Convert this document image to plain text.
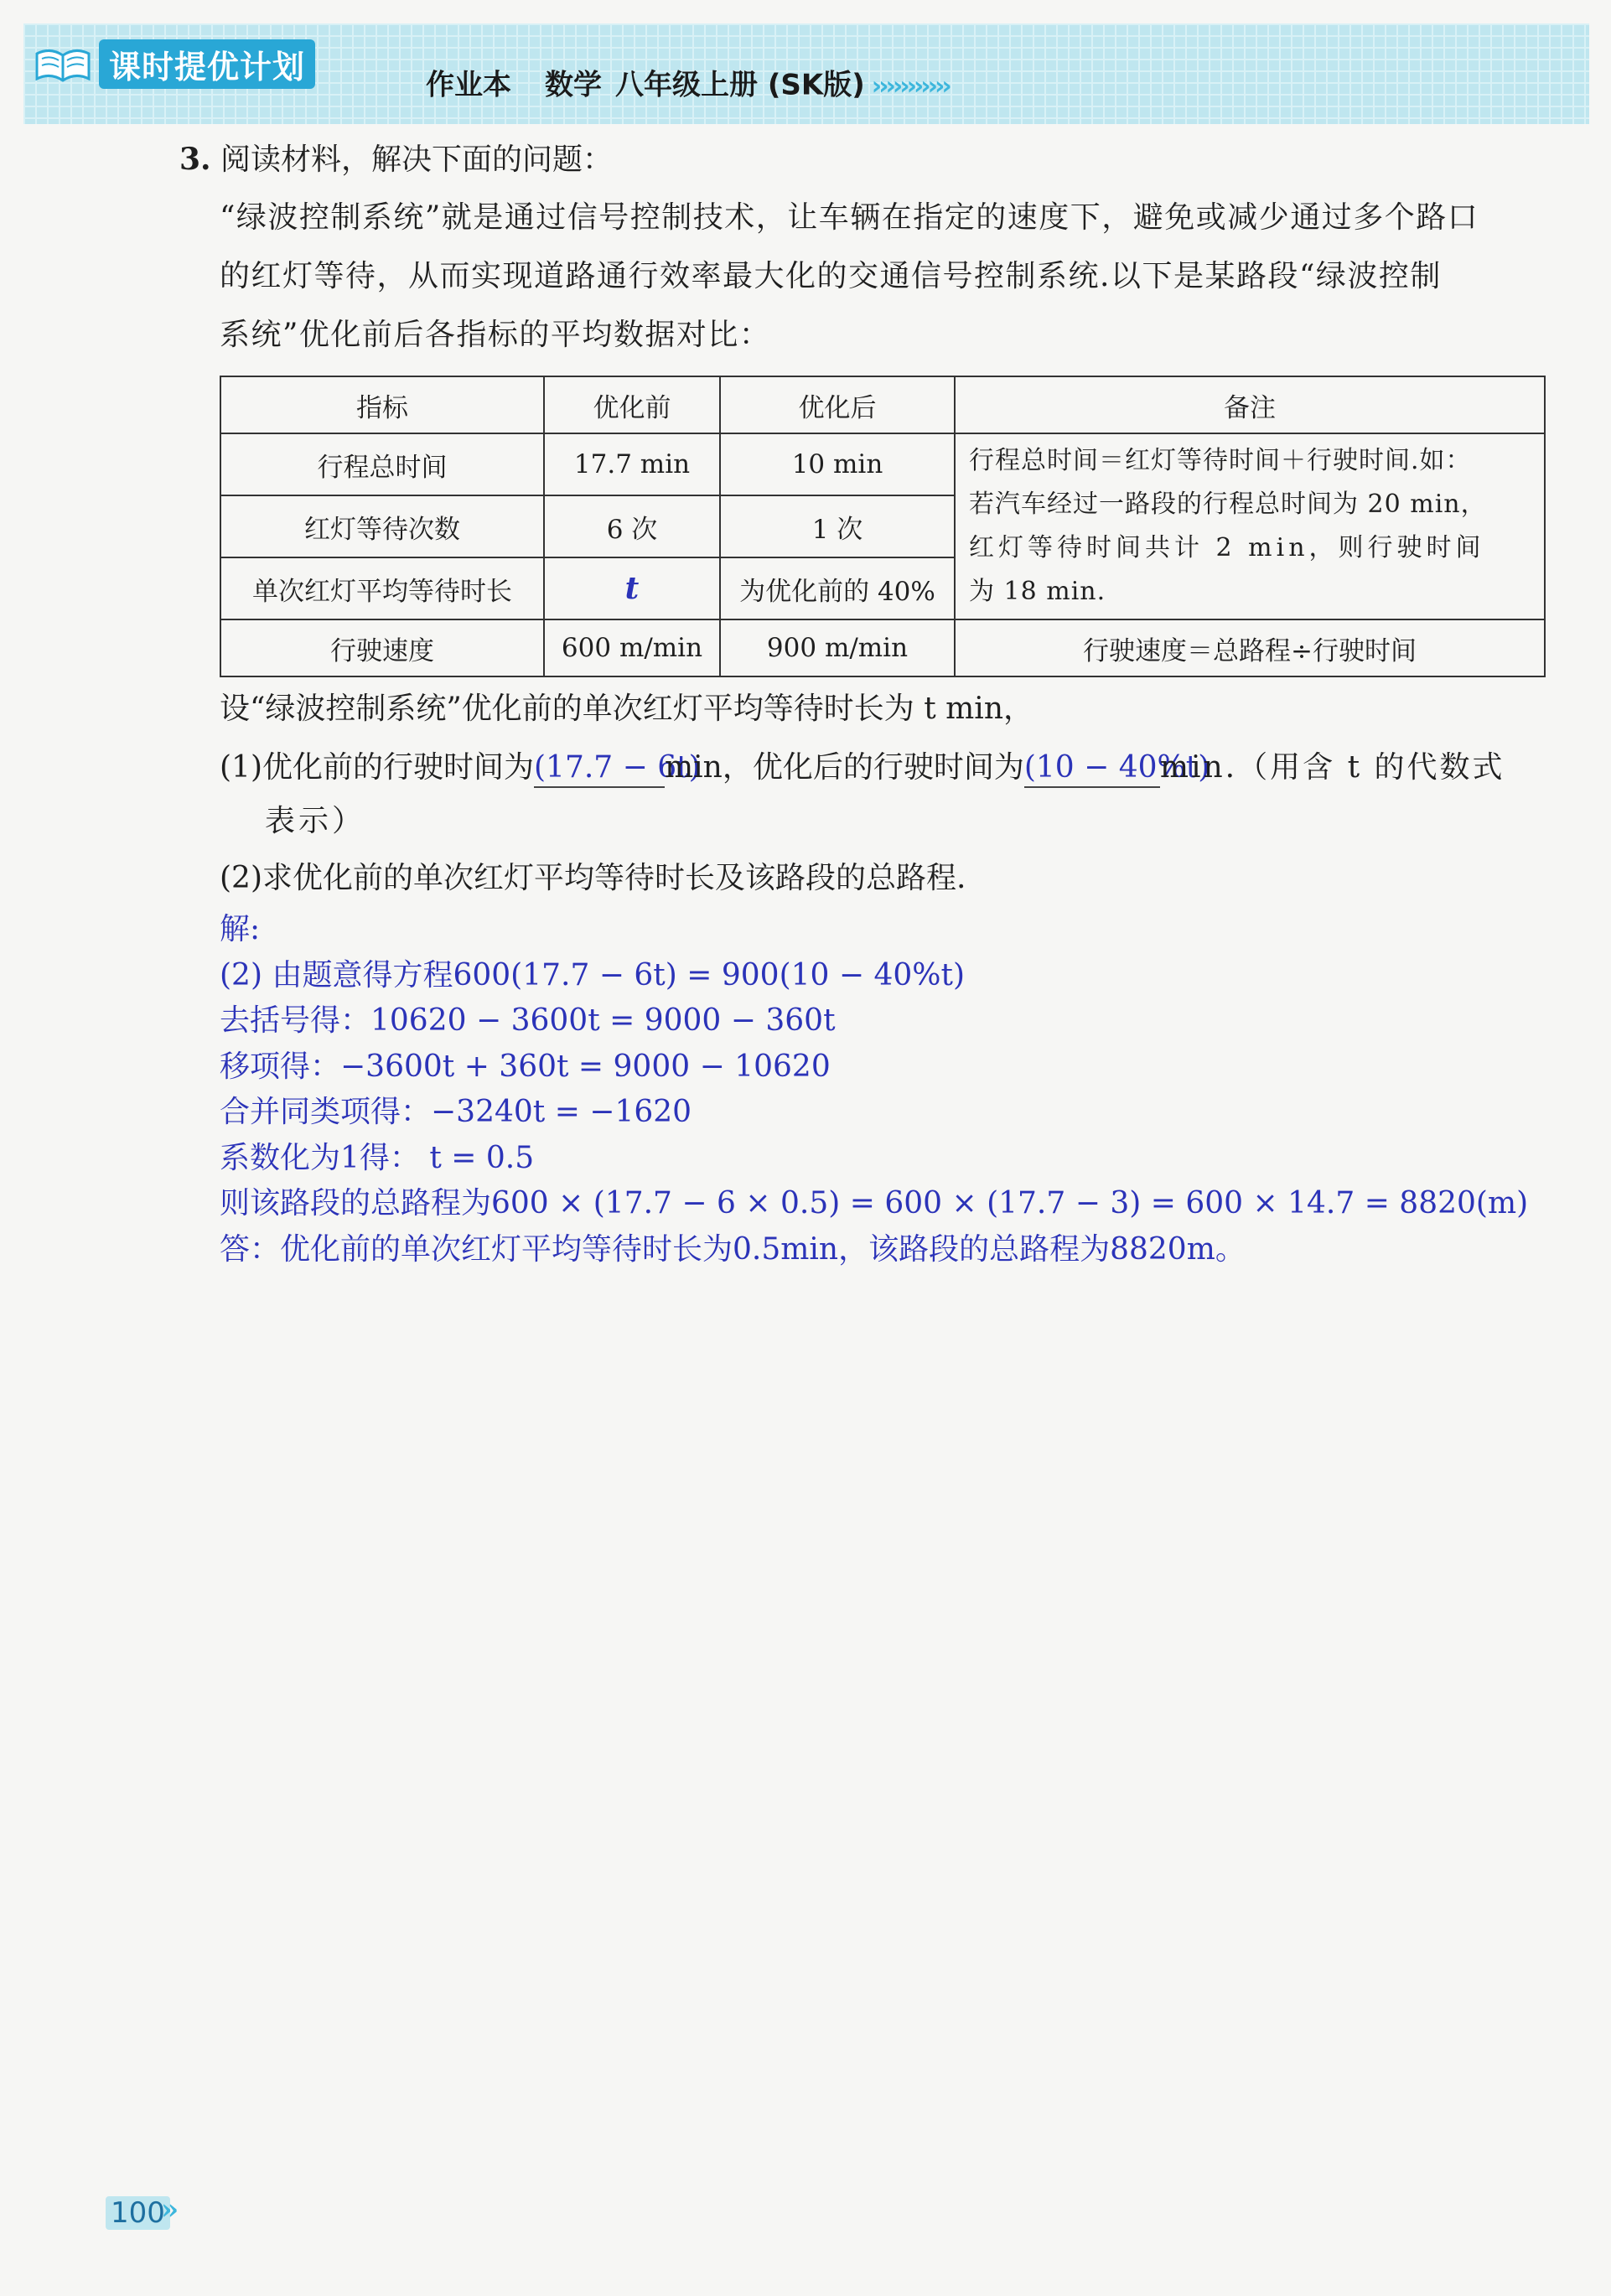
课时提优计划	作业本 数学 八年级上册 (SK版) ›››››››››››
3. 阅读材料，解决下面的问题：
“绿波控制系统”就是通过信号控制技术，让车辆在指定的速度下，避免或减少通过多个路口
的红灯等待，从而实现道路通行效率最大化的交通信号控制系统.以下是某路段“绿波控制
系统”优化前后各指标的平均数据对比：
指标	优化前	优化后	备注
行程总时间	17.7 min	10 min	行程总时间＝红灯等待时间＋行驶时间.如：
若汽车经过一路段的行程总时间为 20 min，
红灯等待时间共计 2 min，则行驶时间
为 18 min.

红灯等待次数	6 次	1 次	
单次红灯平均等待时长	t	为优化前的 40%	
行驶速度	600 m/min	900 m/min	行驶速度＝总路程÷行驶时间
设“绿波控制系统”优化前的单次红灯平均等待时长为 t min，
(1)优化前的行驶时间为(17.7 − 6t)min，优化后的行驶时间为(10 − 40%t)min.（用含 t 的代数式
表示）
(2)求优化前的单次红灯平均等待时长及该路段的总路程.
解:
(2) 由题意得方程600(17.7 − 6t) = 900(10 − 40%t)
去括号得：10620 − 3600t = 9000 − 360t
移项得：−3600t + 360t = 9000 − 10620
合并同类项得：−3240t = −1620
系数化为1得： t = 0.5
则该路段的总路程为600 × (17.7 − 6 × 0.5) = 600 × (17.7 − 3) = 600 × 14.7 = 8820(m)
答：优化前的单次红灯平均等待时长为0.5min，该路段的总路程为8820m。
100
»
